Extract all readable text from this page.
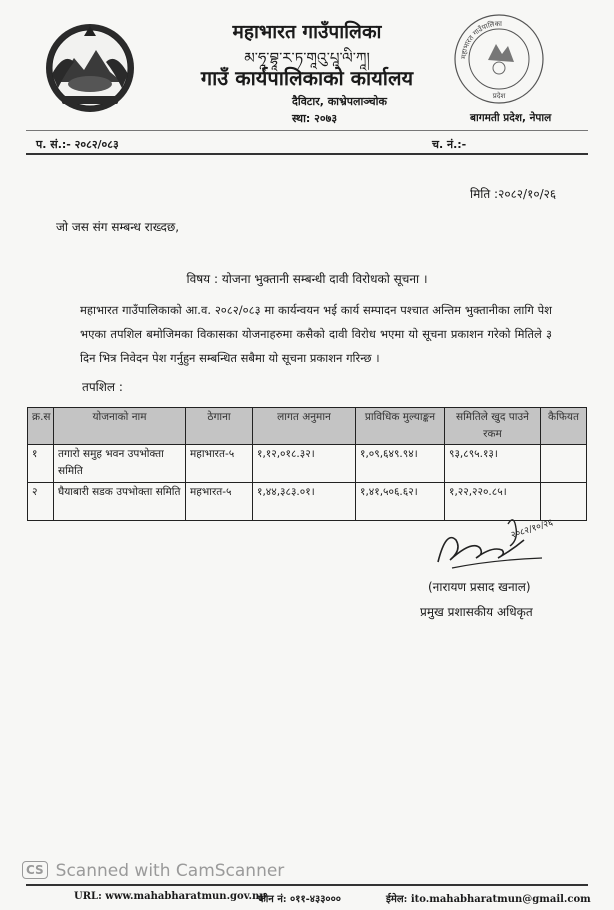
महाभारत गाउँपालिका
प्रदेश
महाभारत गाउँपालिका
མ་ཧཱ་བྷཱ་ར་ཏ་གཱའུ་པཱ་ལི་ཀཱ།
गाउँ कार्यपालिकाको कार्यालय
दैविटार, काभ्रेपलाञ्चोक
स्था: २०७३	बागमती प्रदेश, नेपाल
प. सं.:- २०८२/०८३	च. नं.:-
मिति :२०८२/१०/२६
जो जस संग सम्बन्ध राख्दछ,
विषय : योजना भुक्तानी सम्बन्धी दावी विरोधको सूचना ।
महाभारत गाउँपालिकाको आ.व. २०८२/०८३ मा कार्यन्वयन भई कार्य सम्पादन पश्चात अन्तिम भुक्तानीका लागि पेश भएका तपशिल बमोजिमका विकासका योजनाहरुमा कसैको दावी विरोध भएमा यो सूचना प्रकाशन गरेको मितिले ३ दिन भित्र निवेदन पेश गर्नुहुन सम्बन्धित सबैमा यो सूचना प्रकाशन गरिन्छ ।
तपशिल :
क्र.स	योजनाको नाम	ठेगाना	लागत अनुमान	प्राविधिक मुल्याङ्कन	समितिले खुद पाउने रकम	कैफियत
१	तगारो समुह भवन उपभोक्ता समिति	महाभारत-५	१,१२,०१८.३२।	१,०९,६४९.९४।	९३,८९५.१३।	
२	घैयाबारी सडक उपभोक्ता समिति	महभारत-५	१,४४,३८३.०१।	१,४१,५०६.६२।	१,२२,२२०.८५।	
२०८२/१०/२६
(नारायण प्रसाद खनाल)
प्रमुख प्रशासकीय अधिकृत
CS Scanned with CamScanner
URL: www.mahabharatmun.gov.np
फोन नं: ०११-४३३०००	ईमेल: ito.mahabharatmun@gmail.com
